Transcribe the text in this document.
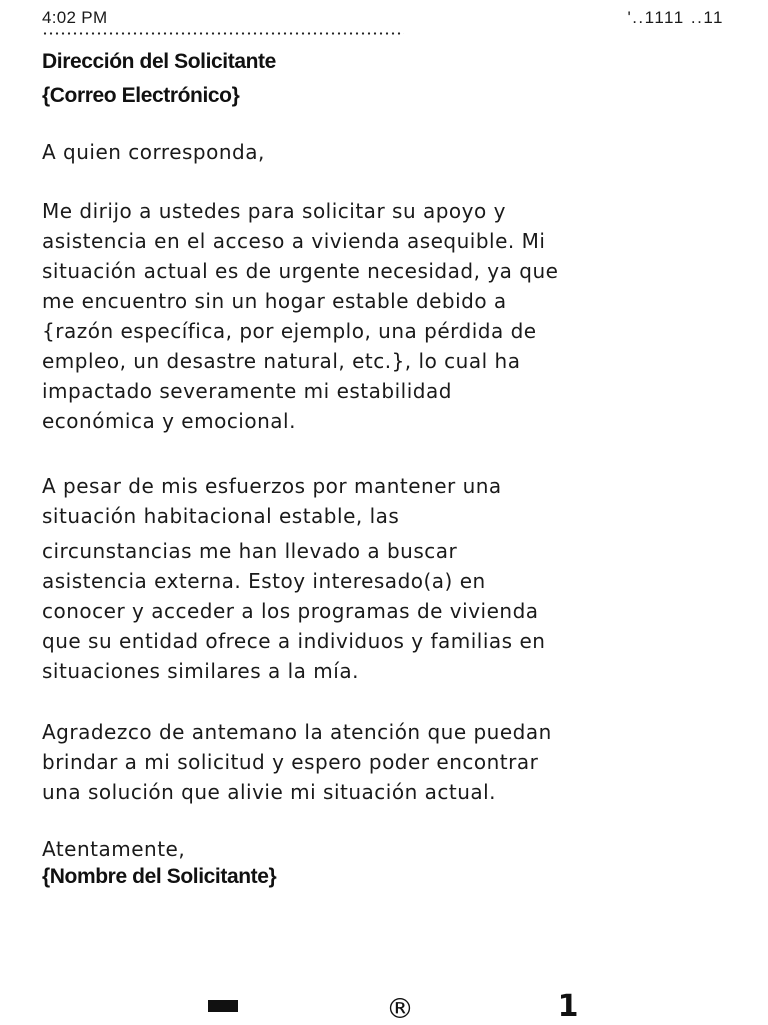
4:02 PM	'..1111 ..11
Dirección del Solicitante
{Correo Electrónico}

A quien corresponda,

Me dirijo a ustedes para solicitar su apoyo y
asistencia en el acceso a vivienda asequible. Mi
situación actual es de urgente necesidad, ya que
me encuentro sin un hogar estable debido a
{razón específica, por ejemplo, una pérdida de
empleo, un desastre natural, etc.}, lo cual ha
impactado severamente mi estabilidad
económica y emocional.

A pesar de mis esfuerzos por mantener una
situación habitacional estable, las

circunstancias me han llevado a buscar
asistencia externa. Estoy interesado(a) en
conocer y acceder a los programas de vivienda
que su entidad ofrece a individuos y familias en
situaciones similares a la mía.

Agradezco de antemano la atención que puedan
brindar a mi solicitud y espero poder encontrar
una solución que alivie mi situación actual.

Atentamente,

{Nombre del Solicitante}
®	1
